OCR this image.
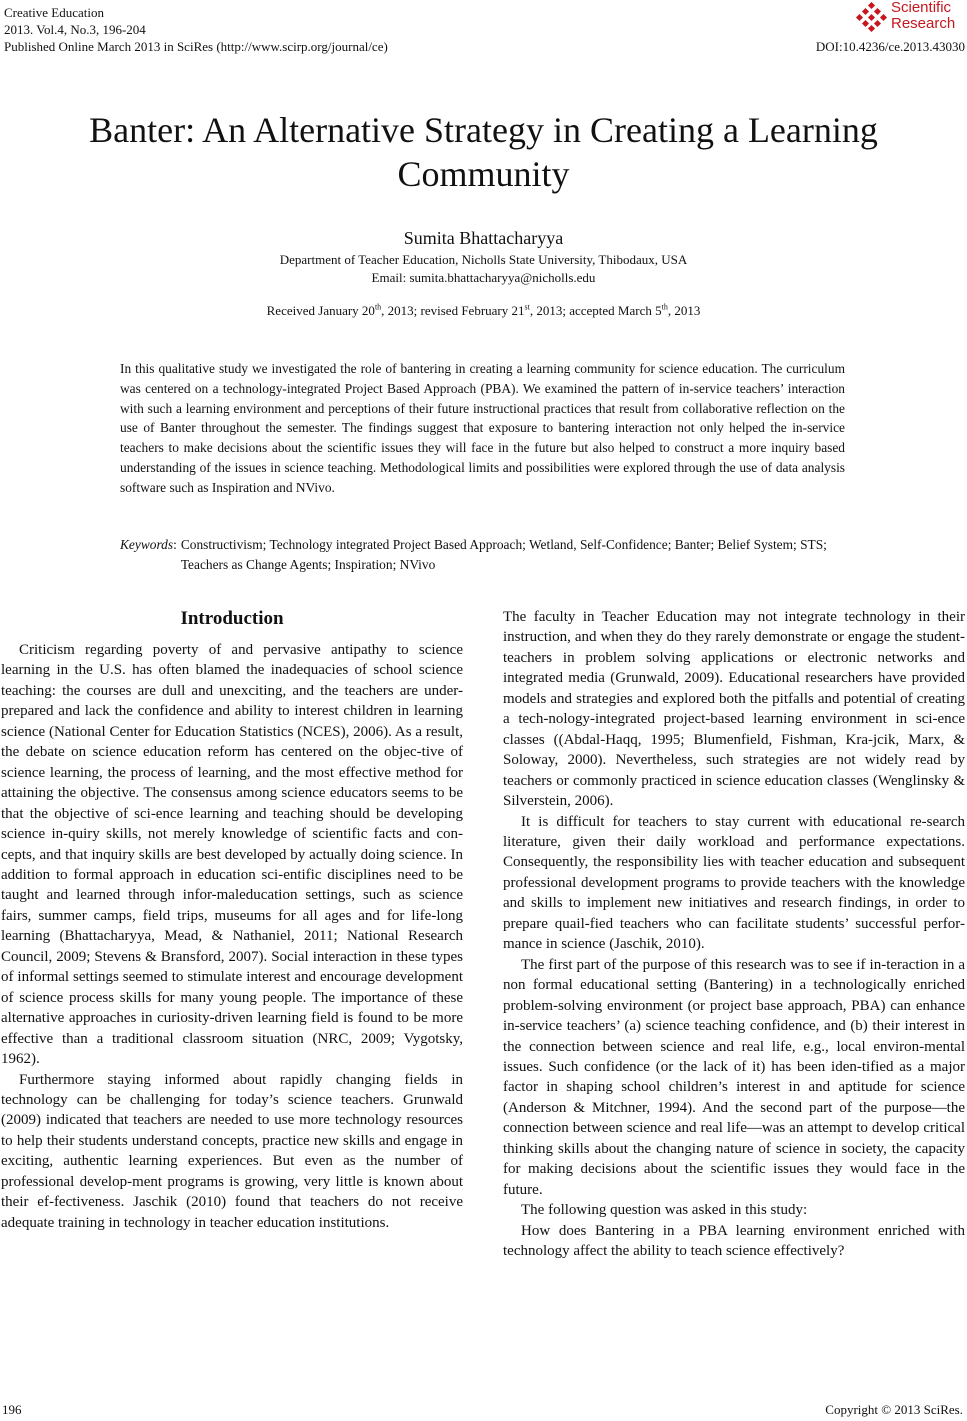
Creative Education
2013. Vol.4, No.3, 196-204
Published Online March 2013 in SciRes (http://www.scirp.org/journal/ce)
Scientific
Research
DOI:10.4236/ce.2013.43030
Banter: An Alternative Strategy in Creating a Learning Community
Sumita Bhattacharyya
Department of Teacher Education, Nicholls State University, Thibodaux, USA
Email: sumita.bhattacharyya@nicholls.edu
Received January 20th, 2013; revised February 21st, 2013; accepted March 5th, 2013
In this qualitative study we investigated the role of bantering in creating a learning community for science education. The curriculum was centered on a technology-integrated Project Based Approach (PBA). We examined the pattern of in-service teachers’ interaction with such a learning environment and perceptions of their future instructional practices that result from collaborative reflection on the use of Banter throughout the semester. The findings suggest that exposure to bantering interaction not only helped the in-service teachers to make decisions about the scientific issues they will face in the future but also helped to construct a more inquiry based understanding of the issues in science teaching. Methodological limits and possibilities were explored through the use of data analysis software such as Inspiration and NVivo.
Keywords: Constructivism; Technology integrated Project Based Approach; Wetland, Self-Confidence; Banter; Belief System; STS; Teachers as Change Agents; Inspiration; NVivo
Introduction

Criticism regarding poverty of and pervasive antipathy to science learning in the U.S. has often blamed the inadequacies of school science teaching: the courses are dull and unexciting, and the teachers are under-prepared and lack the confidence and ability to interest children in learning science (National Center for Education Statistics (NCES), 2006). As a result, the debate on science education reform has centered on the objec-tive of science learning, the process of learning, and the most effective method for attaining the objective. The consensus among science educators seems to be that the objective of sci-ence learning and teaching should be developing science in-quiry skills, not merely knowledge of scientific facts and con-cepts, and that inquiry skills are best developed by actually doing science. In addition to formal approach in education sci-entific disciplines need to be taught and learned through infor-maleducation settings, such as science fairs, summer camps, field trips, museums for all ages and for life-long learning (Bhattacharyya, Mead, & Nathaniel, 2011; National Research Council, 2009; Stevens & Bransford, 2007). Social interaction in these types of informal settings seemed to stimulate interest and encourage development of science process skills for many young people. The importance of these alternative approaches in curiosity-driven learning field is found to be more effective than a traditional classroom situation (NRC, 2009; Vygotsky, 1962).

Furthermore staying informed about rapidly changing fields in technology can be challenging for today’s science teachers. Grunwald (2009) indicated that teachers are needed to use more technology resources to help their students understand concepts, practice new skills and engage in exciting, authentic learning experiences. But even as the number of professional develop-ment programs is growing, very little is known about their ef-fectiveness. Jaschik (2010) found that teachers do not receive adequate training in technology in teacher education institutions.

The faculty in Teacher Education may not integrate technology in their instruction, and when they do they rarely demonstrate or engage the student-teachers in problem solving applications or electronic networks and integrated media (Grunwald, 2009). Educational researchers have provided models and strategies and explored both the pitfalls and potential of creating a tech-nology-integrated project-based learning environment in sci-ence classes ((Abdal-Haqq, 1995; Blumenfield, Fishman, Kra-jcik, Marx, & Soloway, 2000). Nevertheless, such strategies are not widely read by teachers or commonly practiced in science education classes (Wenglinsky & Silverstein, 2006).

It is difficult for teachers to stay current with educational re-search literature, given their daily workload and performance expectations. Consequently, the responsibility lies with teacher education and subsequent professional development programs to provide teachers with the knowledge and skills to implement new initiatives and research findings, in order to prepare quail-fied teachers who can facilitate students’ successful perfor-mance in science (Jaschik, 2010).

The first part of the purpose of this research was to see if in-teraction in a non formal educational setting (Bantering) in a technologically enriched problem-solving environment (or project base approach, PBA) can enhance in-service teachers’ (a) science teaching confidence, and (b) their interest in the connection between science and real life, e.g., local environ-mental issues. Such confidence (or the lack of it) has been iden-tified as a major factor in shaping school children’s interest in and aptitude for science (Anderson & Mitchner, 1994). And the second part of the purpose—the connection between science and real life—was an attempt to develop critical thinking skills about the changing nature of science in society, the capacity for making decisions about the scientific issues they would face in the future.

The following question was asked in this study:

How does Bantering in a PBA learning environment enriched with technology affect the ability to teach science effectively?

196	Copyright © 2013 SciRes.
